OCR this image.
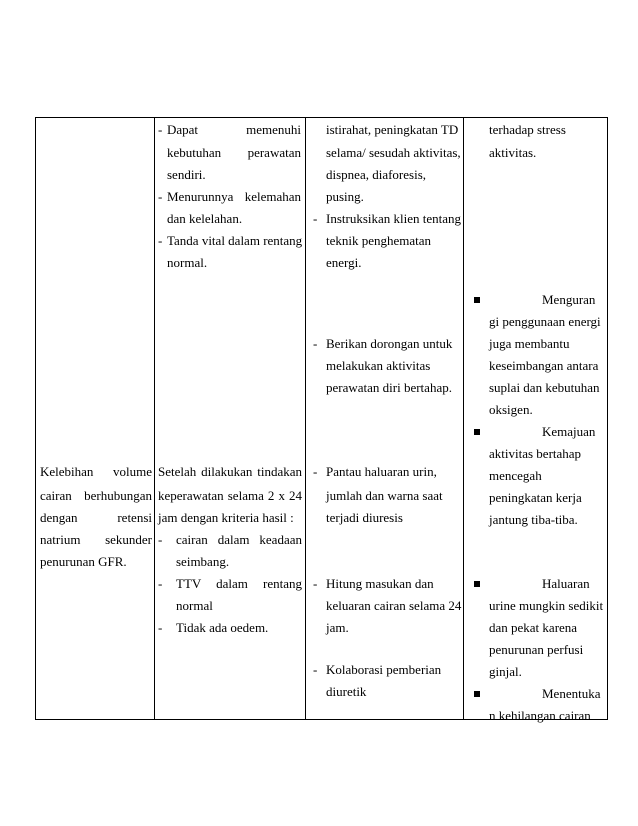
Kelebihan volume
cairan berhubungan
dengan	retensi
natrium sekunder
penurunan GFR.
- Dapat	memenuhi
kebutuhan perawatan
sendiri.
- Menurunnya kelemahan
dan kelelahan.
- Tanda vital dalam rentang
normal.
Setelah dilakukan tindakan
keperawatan selama 2 x 24
jam dengan kriteria hasil :
- cairan dalam keadaan
seimbang.
- TTV dalam rentang
normal
- Tidak ada oedem.
istirahat, peningkatan TD
selama/ sesudah aktivitas,
dispnea, diaforesis,
pusing.
- Instruksikan klien tentang
teknik penghematan
energi.
- Berikan dorongan untuk
melakukan aktivitas
perawatan diri bertahap.
- Pantau haluaran urin,
jumlah dan warna saat
terjadi diuresis
- Hitung masukan dan
keluaran cairan selama 24
jam.
- Kolaborasi pemberian
diuretik
terhadap stress
aktivitas.
Menguran
gi penggunaan energi
juga membantu
keseimbangan antara
suplai dan kebutuhan
oksigen.
Kemajuan
aktivitas bertahap
mencegah
peningkatan kerja
jantung tiba-tiba.
Haluaran
urine mungkin sedikit
dan pekat karena
penurunan perfusi
ginjal.
Menentuka
n kehilangan cairan
